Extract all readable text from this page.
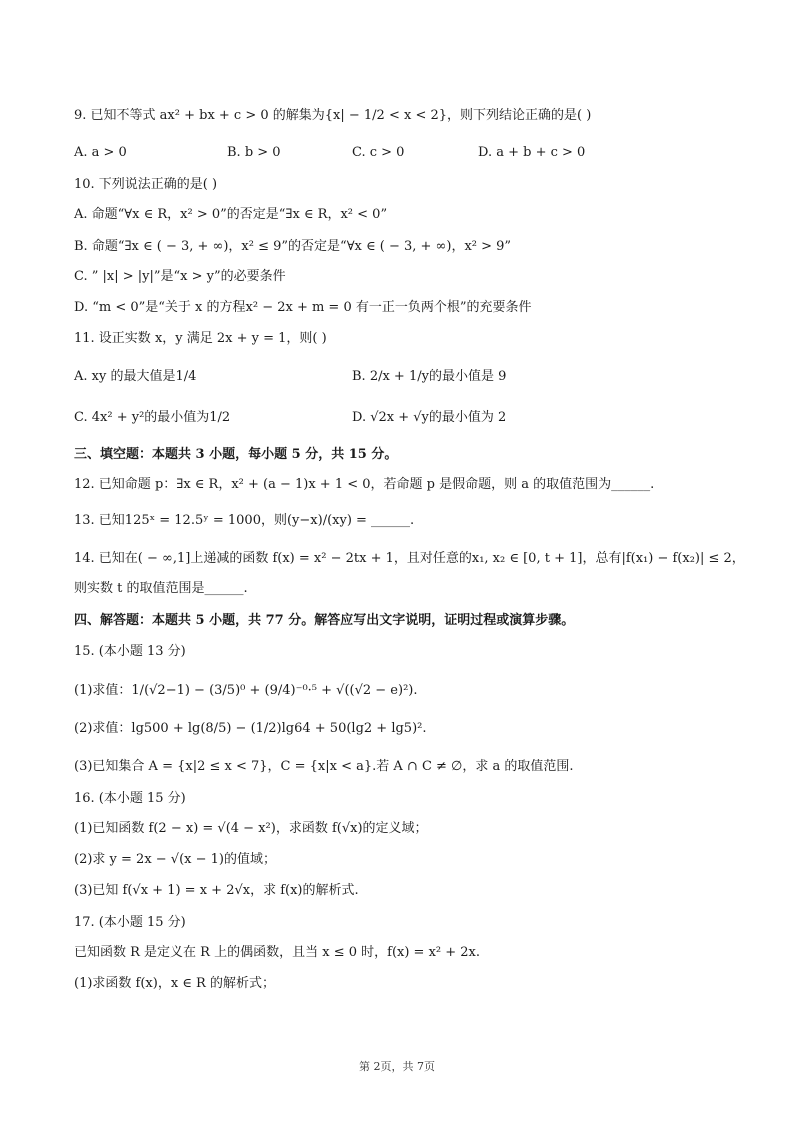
9. 已知不等式 ax² + bx + c > 0 的解集为{x| − 1/2 < x < 2}，则下列结论正确的是( )
A. a > 0	B. b > 0	C. c > 0	D. a + b + c > 0
10. 下列说法正确的是( )
A. 命题“∀x ∈ R，x² > 0”的否定是“∃x ∈ R，x² < 0”
B. 命题“∃x ∈ ( − 3, + ∞)，x² ≤ 9”的否定是“∀x ∈ ( − 3, + ∞)，x² > 9”
C. ” |x| > |y|”是“x > y”的必要条件
D. “m < 0”是“关于 x 的方程x² − 2x + m = 0 有一正一负两个根”的充要条件
11. 设正实数 x，y 满足 2x + y = 1，则( )
A. xy 的最大值是1/4	B. 2/x + 1/y的最小值是 9
C. 4x² + y²的最小值为1/2	D. √2x + √y的最小值为 2
三、填空题：本题共 3 小题，每小题 5 分，共 15 分。
12. 已知命题 p：∃x ∈ R，x² + (a − 1)x + 1 < 0，若命题 p 是假命题，则 a 的取值范围为______.
13. 已知125ˣ = 12.5ʸ = 1000，则(y−x)/(xy) = ______.
14. 已知在( − ∞,1]上递减的函数 f(x) = x² − 2tx + 1，且对任意的x₁, x₂ ∈ [0, t + 1]，总有|f(x₁) − f(x₂)| ≤ 2，
则实数 t 的取值范围是______.
四、解答题：本题共 5 小题，共 77 分。解答应写出文字说明，证明过程或演算步骤。
15. (本小题 13 分)
(1)求值：1/(√2−1) − (3/5)⁰ + (9/4)⁻⁰·⁵ + √((√2 − e)²).
(2)求值：lg500 + lg(8/5) − (1/2)lg64 + 50(lg2 + lg5)².
(3)已知集合 A = {x|2 ≤ x < 7}，C = {x|x < a}.若 A ∩ C ≠ ∅，求 a 的取值范围.
16. (本小题 15 分)
(1)已知函数 f(2 − x) = √(4 − x²)，求函数 f(√x)的定义域；
(2)求 y = 2x − √(x − 1)的值域；
(3)已知 f(√x + 1) = x + 2√x，求 f(x)的解析式.
17. (本小题 15 分)
已知函数 R 是定义在 R 上的偶函数，且当 x ≤ 0 时，f(x) = x² + 2x.
(1)求函数 f(x)，x ∈ R 的解析式；
第 2页，共 7页
